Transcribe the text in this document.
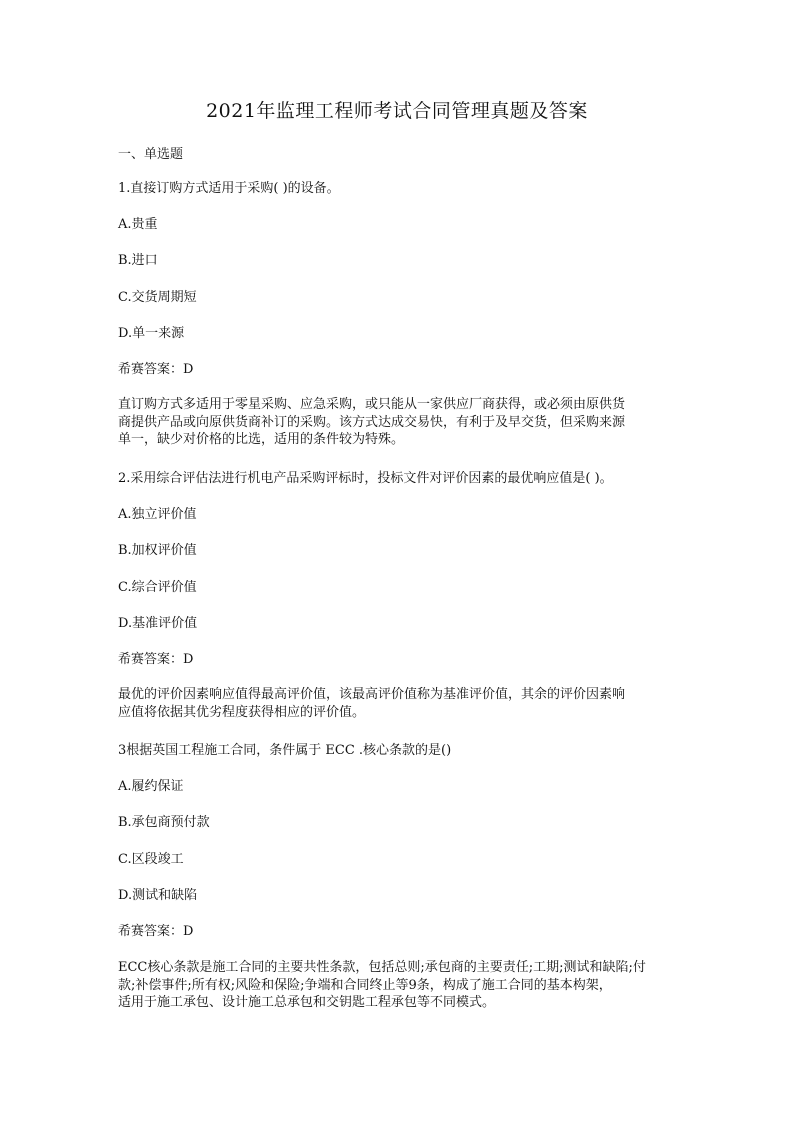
2021年监理工程师考试合同管理真题及答案
一、单选题
1.直接订购方式适用于采购( )的设备。
A.贵重
B.进口
C.交货周期短
D.单一来源
希赛答案：D
直订购方式多适用于零星采购、应急采购，或只能从一家供应厂商获得，或必须由原供货
商提供产品或向原供货商补订的采购。该方式达成交易快，有利于及早交货，但采购来源
单一，缺少对价格的比选，适用的条件较为特殊。
2.采用综合评估法进行机电产品采购评标时，投标文件对评价因素的最优响应值是( )。
A.独立评价值
B.加权评价值
C.综合评价值
D.基准评价值
希赛答案：D
最优的评价因素响应值得最高评价值，该最高评价值称为基准评价值，其余的评价因素响
应值将依据其优劣程度获得相应的评价值。
3根据英国工程施工合同，条件属于 ECC .核心条款的是()
A.履约保证
B.承包商预付款
C.区段竣工
D.测试和缺陷
希赛答案：D
ECC核心条款是施工合同的主要共性条款，包括总则;承包商的主要责任;工期;测试和缺陷;付
款;补偿事件;所有权;风险和保险;争端和合同终止等9条，构成了施工合同的基本构架，
适用于施工承包、设计施工总承包和交钥匙工程承包等不同模式。
